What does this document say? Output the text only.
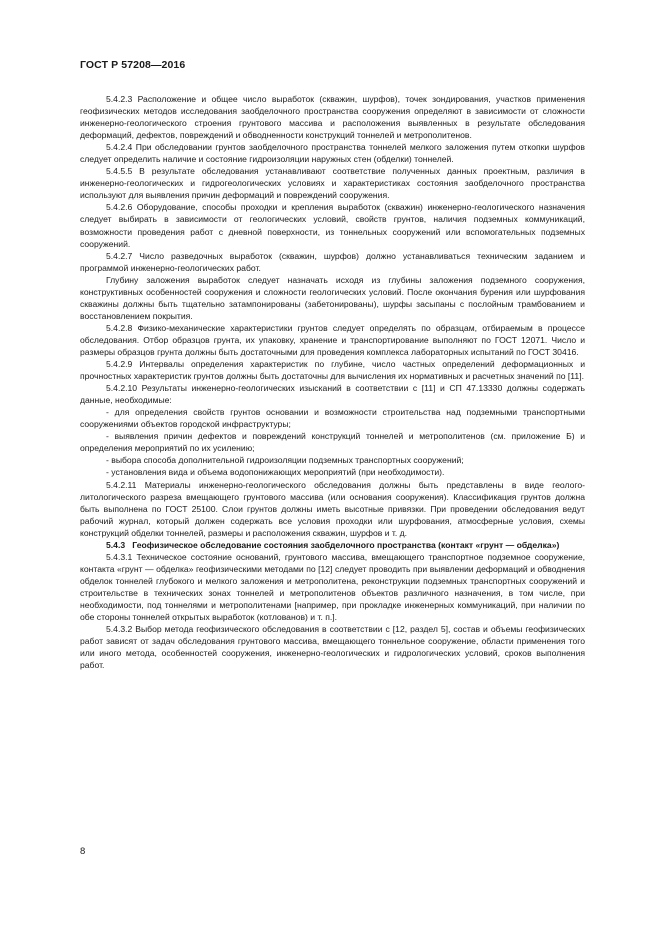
ГОСТ Р 57208—2016

5.4.2.3 Расположение и общее число выработок (скважин, шурфов), точек зондирования, участков применения геофизических методов исследования заобделочного пространства сооружения определяют в зависимости от сложности инженерно-геологического строения грунтового массива и расположения выявленных в результате обследования деформаций, дефектов, повреждений и обводненности конструкций тоннелей и метрополитенов.

5.4.2.4 При обследовании грунтов заобделочного пространства тоннелей мелкого заложения путем откопки шурфов следует определить наличие и состояние гидроизоляции наружных стен (обделки) тоннелей.

5.4.5.5 В результате обследования устанавливают соответствие полученных данных проектным, различия в инженерно-геологических и гидрогеологических условиях и характеристиках состояния заобделочного пространства используют для выявления причин деформаций и повреждений сооружения.

5.4.2.6 Оборудование, способы проходки и крепления выработок (скважин) инженерно-геологического назначения следует выбирать в зависимости от геологических условий, свойств грунтов, наличия подземных коммуникаций, возможности проведения работ с дневной поверхности, из тоннельных сооружений или вспомогательных подземных сооружений.

5.4.2.7 Число разведочных выработок (скважин, шурфов) должно устанавливаться техническим заданием и программой инженерно-геологических работ.

Глубину заложения выработок следует назначать исходя из глубины заложения подземного сооружения, конструктивных особенностей сооружения и сложности геологических условий. После окончания бурения или шурфования скважины должны быть тщательно затампонированы (забетонированы), шурфы засыпаны с послойным трамбованием и восстановлением покрытия.

5.4.2.8 Физико-механические характеристики грунтов следует определять по образцам, отбираемым в процессе обследования. Отбор образцов грунта, их упаковку, хранение и транспортирование выполняют по ГОСТ 12071. Число и размеры образцов грунта должны быть достаточными для проведения комплекса лабораторных испытаний по ГОСТ 30416.

5.4.2.9 Интервалы определения характеристик по глубине, число частных определений деформационных и прочностных характеристик грунтов должны быть достаточны для вычисления их нормативных и расчетных значений по [11].

5.4.2.10 Результаты инженерно-геологических изысканий в соответствии с [11] и СП 47.13330 должны содержать данные, необходимые:

- для определения свойств грунтов основании и возможности строительства над подземными транспортными сооружениями объектов городской инфраструктуры;

- выявления причин дефектов и повреждений конструкций тоннелей и метрополитенов (см. приложение Б) и определения мероприятий по их усилению;

- выбора способа дополнительной гидроизоляции подземных транспортных сооружений;

- установления вида и объема водопонижающих мероприятий (при необходимости).

5.4.2.11 Материалы инженерно-геологического обследования должны быть представлены в виде геолого-литологического разреза вмещающего грунтового массива (или основания сооружения). Классификация грунтов должна быть выполнена по ГОСТ 25100. Слои грунтов должны иметь высотные привязки. При проведении обследования ведут рабочий журнал, который должен содержать все условия проходки или шурфования, атмосферные условия, схемы конструкций обделки тоннелей, размеры и расположения скважин, шурфов и т. д.

5.4.3 Геофизическое обследование состояния заобделочного пространства (контакт «грунт — обделка»)

5.4.3.1 Техническое состояние оснований, грунтового массива, вмещающего транспортное подземное сооружение, контакта «грунт — обделка» геофизическими методами по [12] следует проводить при выявлении деформаций и обводнения обделок тоннелей глубокого и мелкого заложения и метрополитена, реконструкции подземных транспортных сооружений и строительстве в технических зонах тоннелей и метрополитенов объектов различного назначения, в том числе, при необходимости, под тоннелями и метрополитенами [например, при прокладке инженерных коммуникаций, при наличии по обе стороны тоннелей открытых выработок (котлованов) и т. п.].

5.4.3.2 Выбор метода геофизического обследования в соответствии с [12, раздел 5], состав и объемы геофизических работ зависят от задач обследования грунтового массива, вмещающего тоннельное сооружение, области применения того или иного метода, особенностей сооружения, инженерно-геологических и гидрологических условий, сроков выполнения работ.

8
